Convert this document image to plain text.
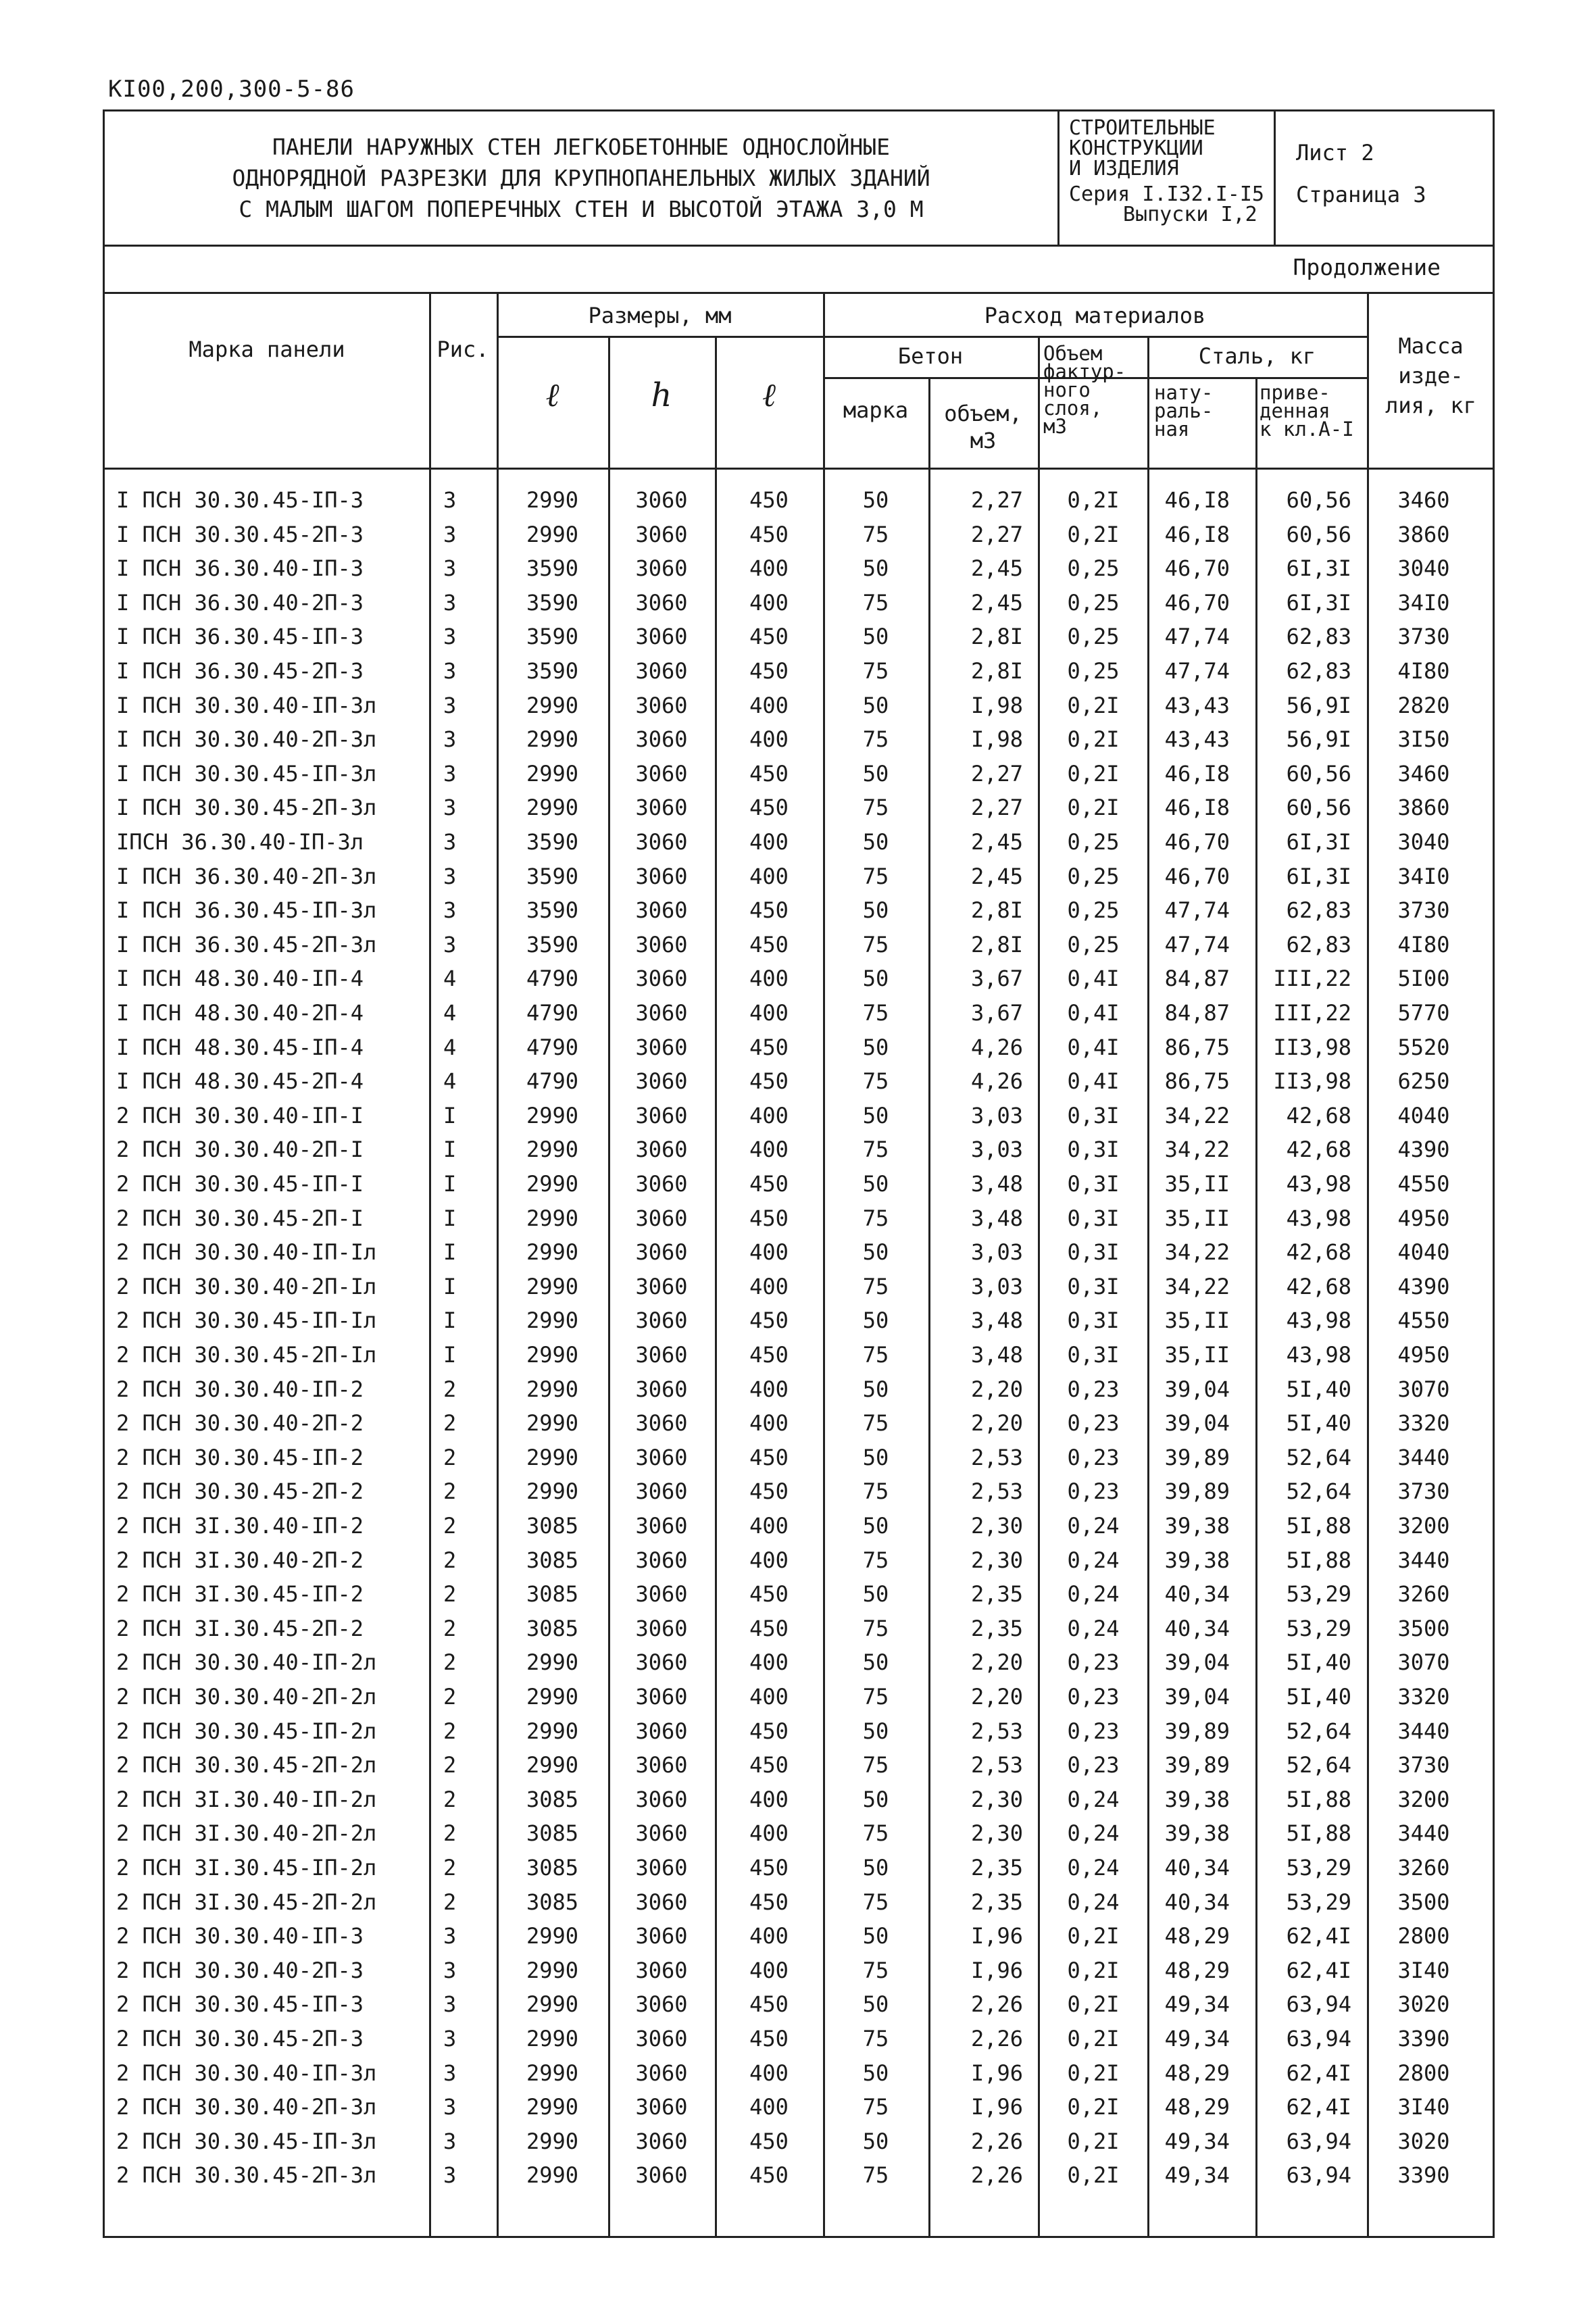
KI00,200,300-5-86
ПАНЕЛИ НАРУЖНЫХ СТЕН ЛЕГКОБЕТОННЫЕ ОДНОСЛОЙНЫЕ
ОДНОРЯДНОЙ РАЗРЕЗКИ ДЛЯ КРУПНОПАНЕЛЬНЫХ ЖИЛЫХ ЗДАНИЙ
С МАЛЫМ ШАГОМ ПОПЕРЕЧНЫХ СТЕН И ВЫСОТОЙ ЭТАЖА 3,0 М
СТРОИТЕЛЬНЫЕ
КОНСТРУКЦИИ
И ИЗДЕЛИЯ
Серия I.I32.I-I5
Выпуски I,2
Лист 2
Страница 3
Продолжение
Марка панели	Рис.
Размеры, мм
ℓ	h	ℓ
Расход материалов
Бетон
марка	объем,
м3
Объем
фактур-
ного
слоя,
м3
Сталь, кг
нату-
раль-
ная
приве-
денная
к кл.А-I
Масса
изде-
лия, кг
I ПСН 30.30.45-IП-3	3	2990	3060	450	50	2,27	0,2I	46,I8	60,56	3460
I ПСН 30.30.45-2П-3	3	2990	3060	450	75	2,27	0,2I	46,I8	60,56	3860
I ПСН 36.30.40-IП-3	3	3590	3060	400	50	2,45	0,25	46,70	6I,3I	3040
I ПСН 36.30.40-2П-3	3	3590	3060	400	75	2,45	0,25	46,70	6I,3I	34I0
I ПСН 36.30.45-IП-3	3	3590	3060	450	50	2,8I	0,25	47,74	62,83	3730
I ПСН 36.30.45-2П-3	3	3590	3060	450	75	2,8I	0,25	47,74	62,83	4I80
I ПСН 30.30.40-IП-3л	3	2990	3060	400	50	I,98	0,2I	43,43	56,9I	2820
I ПСН 30.30.40-2П-3л	3	2990	3060	400	75	I,98	0,2I	43,43	56,9I	3I50
I ПСН 30.30.45-IП-3л	3	2990	3060	450	50	2,27	0,2I	46,I8	60,56	3460
I ПСН 30.30.45-2П-3л	3	2990	3060	450	75	2,27	0,2I	46,I8	60,56	3860
IПСН 36.30.40-IП-3л	3	3590	3060	400	50	2,45	0,25	46,70	6I,3I	3040
I ПСН 36.30.40-2П-3л	3	3590	3060	400	75	2,45	0,25	46,70	6I,3I	34I0
I ПСН 36.30.45-IП-3л	3	3590	3060	450	50	2,8I	0,25	47,74	62,83	3730
I ПСН 36.30.45-2П-3л	3	3590	3060	450	75	2,8I	0,25	47,74	62,83	4I80
I ПСН 48.30.40-IП-4	4	4790	3060	400	50	3,67	0,4I	84,87	III,22	5I00
I ПСН 48.30.40-2П-4	4	4790	3060	400	75	3,67	0,4I	84,87	III,22	5770
I ПСН 48.30.45-IП-4	4	4790	3060	450	50	4,26	0,4I	86,75	II3,98	5520
I ПСН 48.30.45-2П-4	4	4790	3060	450	75	4,26	0,4I	86,75	II3,98	6250
2 ПСН 30.30.40-IП-I	I	2990	3060	400	50	3,03	0,3I	34,22	42,68	4040
2 ПСН 30.30.40-2П-I	I	2990	3060	400	75	3,03	0,3I	34,22	42,68	4390
2 ПСН 30.30.45-IП-I	I	2990	3060	450	50	3,48	0,3I	35,II	43,98	4550
2 ПСН 30.30.45-2П-I	I	2990	3060	450	75	3,48	0,3I	35,II	43,98	4950
2 ПСН 30.30.40-IП-Iл	I	2990	3060	400	50	3,03	0,3I	34,22	42,68	4040
2 ПСН 30.30.40-2П-Iл	I	2990	3060	400	75	3,03	0,3I	34,22	42,68	4390
2 ПСН 30.30.45-IП-Iл	I	2990	3060	450	50	3,48	0,3I	35,II	43,98	4550
2 ПСН 30.30.45-2П-Iл	I	2990	3060	450	75	3,48	0,3I	35,II	43,98	4950
2 ПСН 30.30.40-IП-2	2	2990	3060	400	50	2,20	0,23	39,04	5I,40	3070
2 ПСН 30.30.40-2П-2	2	2990	3060	400	75	2,20	0,23	39,04	5I,40	3320
2 ПСН 30.30.45-IП-2	2	2990	3060	450	50	2,53	0,23	39,89	52,64	3440
2 ПСН 30.30.45-2П-2	2	2990	3060	450	75	2,53	0,23	39,89	52,64	3730
2 ПСН 3I.30.40-IП-2	2	3085	3060	400	50	2,30	0,24	39,38	5I,88	3200
2 ПСН 3I.30.40-2П-2	2	3085	3060	400	75	2,30	0,24	39,38	5I,88	3440
2 ПСН 3I.30.45-IП-2	2	3085	3060	450	50	2,35	0,24	40,34	53,29	3260
2 ПСН 3I.30.45-2П-2	2	3085	3060	450	75	2,35	0,24	40,34	53,29	3500
2 ПСН 30.30.40-IП-2л	2	2990	3060	400	50	2,20	0,23	39,04	5I,40	3070
2 ПСН 30.30.40-2П-2л	2	2990	3060	400	75	2,20	0,23	39,04	5I,40	3320
2 ПСН 30.30.45-IП-2л	2	2990	3060	450	50	2,53	0,23	39,89	52,64	3440
2 ПСН 30.30.45-2П-2л	2	2990	3060	450	75	2,53	0,23	39,89	52,64	3730
2 ПСН 3I.30.40-IП-2л	2	3085	3060	400	50	2,30	0,24	39,38	5I,88	3200
2 ПСН 3I.30.40-2П-2л	2	3085	3060	400	75	2,30	0,24	39,38	5I,88	3440
2 ПСН 3I.30.45-IП-2л	2	3085	3060	450	50	2,35	0,24	40,34	53,29	3260
2 ПСН 3I.30.45-2П-2л	2	3085	3060	450	75	2,35	0,24	40,34	53,29	3500
2 ПСН 30.30.40-IП-3	3	2990	3060	400	50	I,96	0,2I	48,29	62,4I	2800
2 ПСН 30.30.40-2П-3	3	2990	3060	400	75	I,96	0,2I	48,29	62,4I	3I40
2 ПСН 30.30.45-IП-3	3	2990	3060	450	50	2,26	0,2I	49,34	63,94	3020
2 ПСН 30.30.45-2П-3	3	2990	3060	450	75	2,26	0,2I	49,34	63,94	3390
2 ПСН 30.30.40-IП-3л	3	2990	3060	400	50	I,96	0,2I	48,29	62,4I	2800
2 ПСН 30.30.40-2П-3л	3	2990	3060	400	75	I,96	0,2I	48,29	62,4I	3I40
2 ПСН 30.30.45-IП-3л	3	2990	3060	450	50	2,26	0,2I	49,34	63,94	3020
2 ПСН 30.30.45-2П-3л	3	2990	3060	450	75	2,26	0,2I	49,34	63,94	3390
